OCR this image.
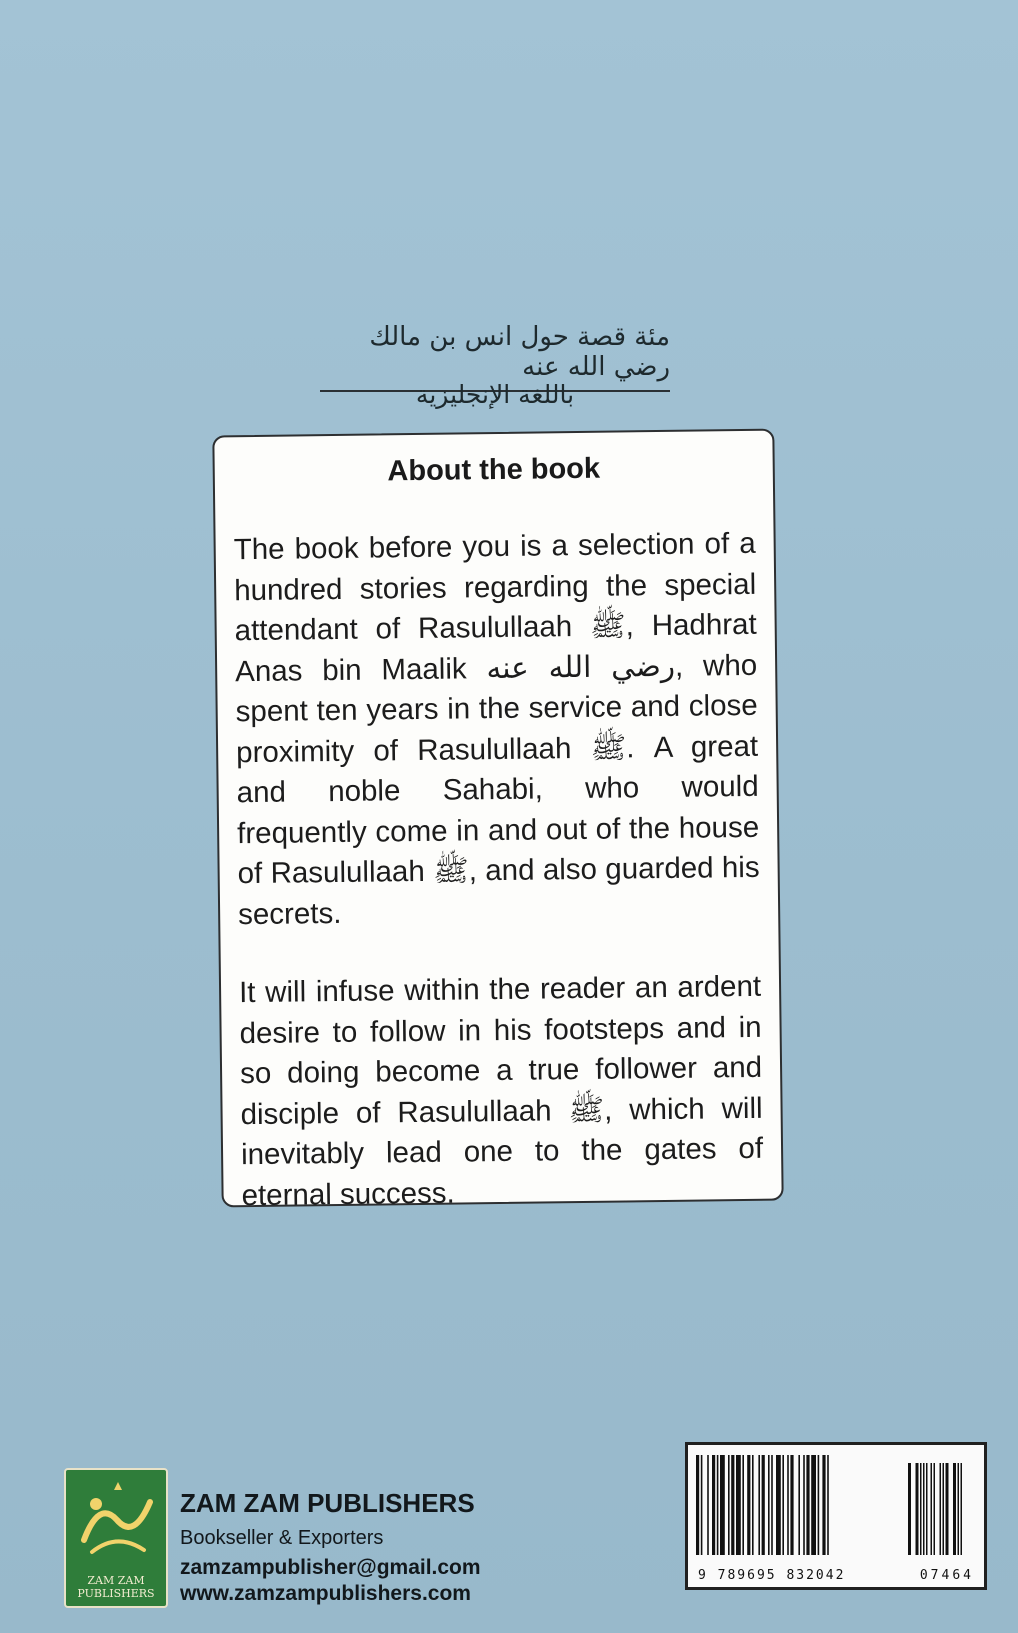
مئة قصة حول انس بن مالك رضي الله عنه
باللغة الإنجليزية
About the book

The book before you is a selection of a hundred stories regarding the special attendant of Rasulullaah ﷺ, Hadhrat Anas bin Maalik رضي الله عنه, who spent ten years in the service and close proximity of Rasulullaah ﷺ. A great and noble Sahabi, who would frequently come in and out of the house of Rasulullaah ﷺ, and also guarded his secrets.

It will infuse within the reader an ardent desire to follow in his footsteps and in so doing become a true follower and disciple of Rasulullaah ﷺ, which will inevitably lead one to the gates of eternal success.

ZAM ZAM
PUBLISHERS
ZAM ZAM PUBLISHERS
Bookseller & Exporters
zamzampublisher@gmail.com
www.zamzampublishers.com
9 789695 832042	07464
